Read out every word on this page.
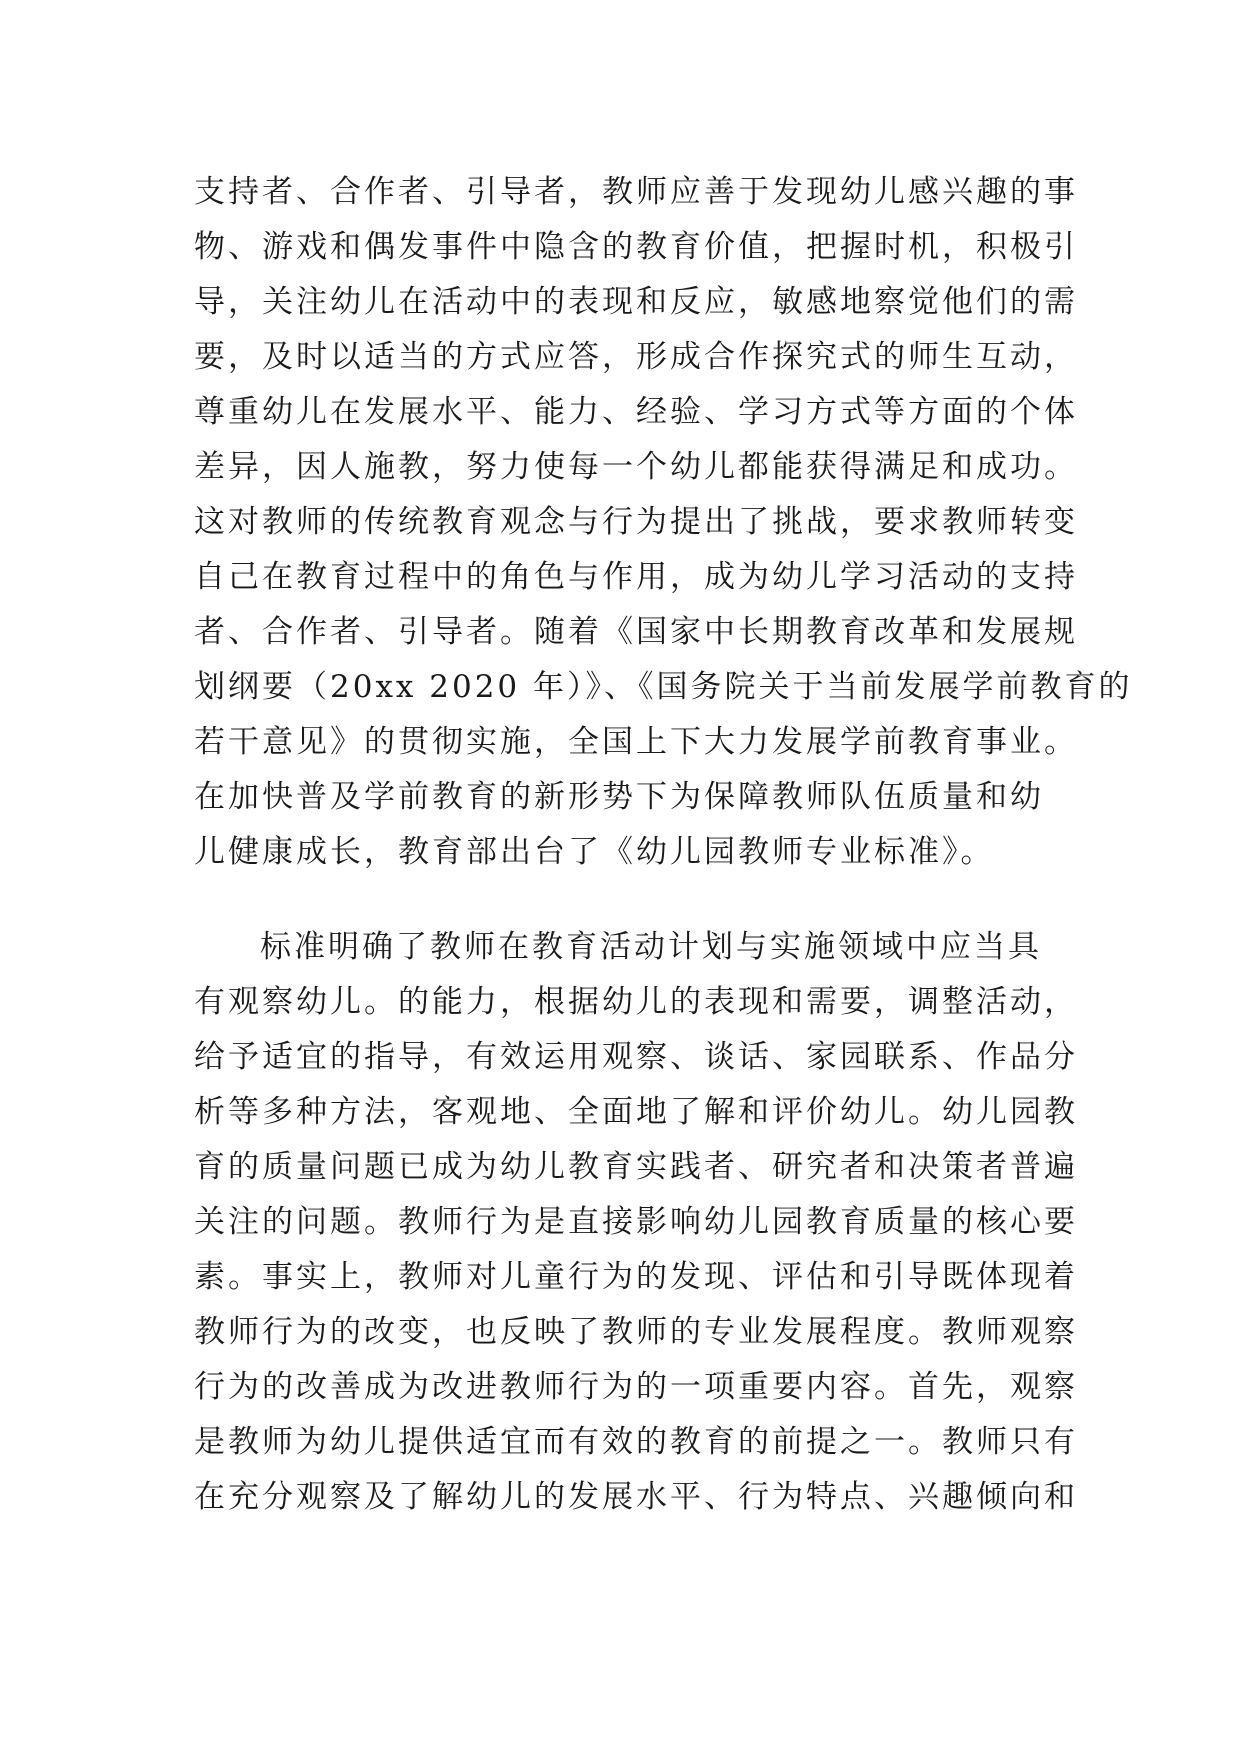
支持者、合作者、引导者，教师应善于发现幼儿感兴趣的事
物、游戏和偶发事件中隐含的教育价值，把握时机，积极引
导，关注幼儿在活动中的表现和反应，敏感地察觉他们的需
要，及时以适当的方式应答，形成合作探究式的师生互动，
尊重幼儿在发展水平、能力、经验、学习方式等方面的个体
差异，因人施教，努力使每一个幼儿都能获得满足和成功。
这对教师的传统教育观念与行为提出了挑战，要求教师转变
自己在教育过程中的角色与作用，成为幼儿学习活动的支持
者、合作者、引导者。随着《国家中长期教育改革和发展规
划纲要（20xx 2020 年）》、《国务院关于当前发展学前教育的
若干意见》的贯彻实施，全国上下大力发展学前教育事业。
在加快普及学前教育的新形势下为保障教师队伍质量和幼
儿健康成长，教育部出台了《幼儿园教师专业标准》。
标准明确了教师在教育活动计划与实施领域中应当具
有观察幼儿。的能力，根据幼儿的表现和需要，调整活动，
给予适宜的指导，有效运用观察、谈话、家园联系、作品分
析等多种方法，客观地、全面地了解和评价幼儿。幼儿园教
育的质量问题已成为幼儿教育实践者、研究者和决策者普遍
关注的问题。教师行为是直接影响幼儿园教育质量的核心要
素。事实上，教师对儿童行为的发现、评估和引导既体现着
教师行为的改变，也反映了教师的专业发展程度。教师观察
行为的改善成为改进教师行为的一项重要内容。首先，观察
是教师为幼儿提供适宜而有效的教育的前提之一。教师只有
在充分观察及了解幼儿的发展水平、行为特点、兴趣倾向和
